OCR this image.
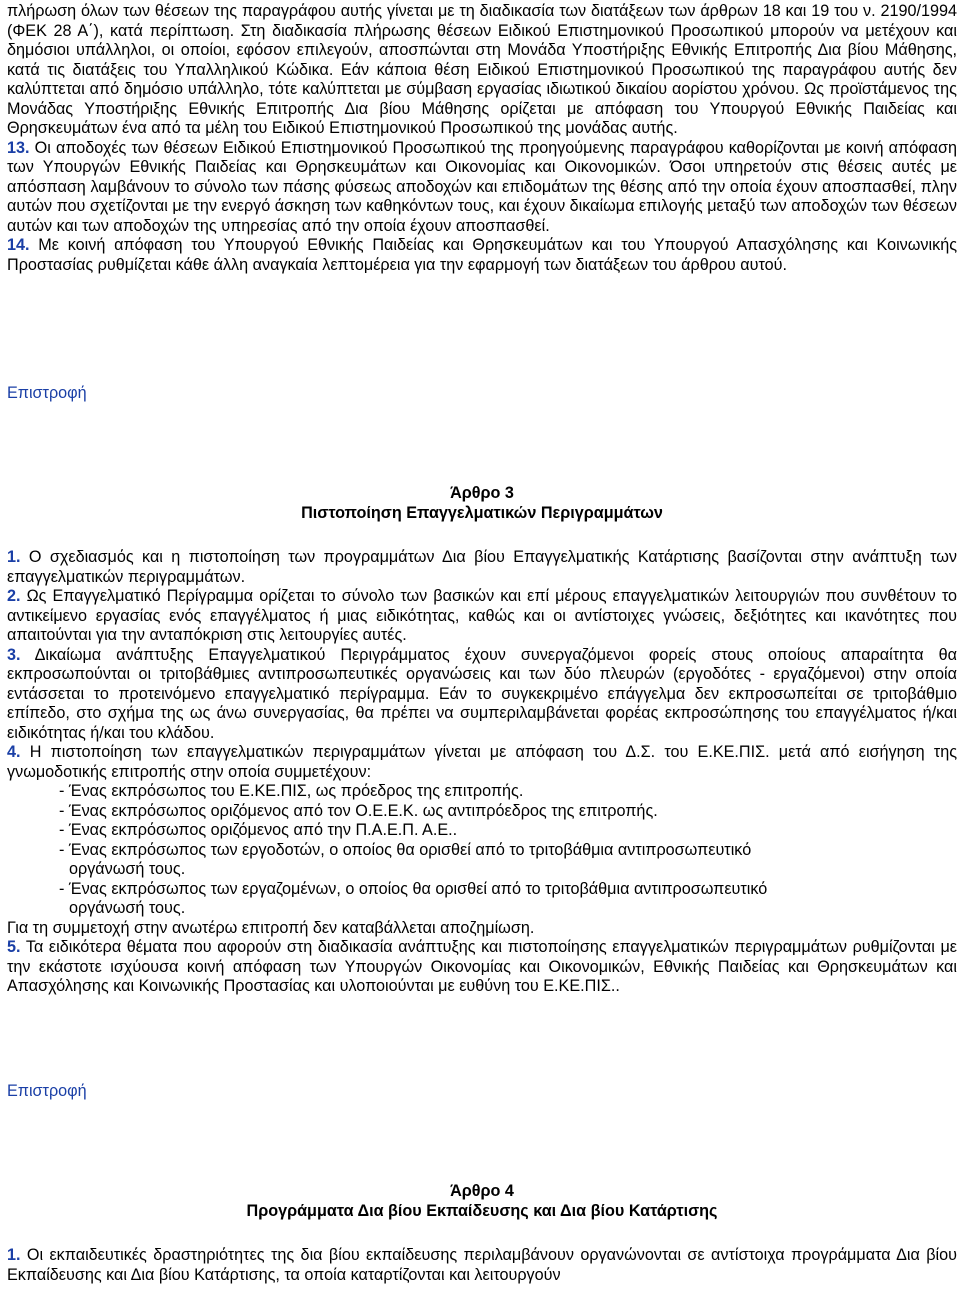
πλήρωση όλων των θέσεων της παραγράφου αυτής γίνεται με τη διαδικασία των διατάξεων των άρθρων 18 και 19 του ν. 2190/1994 (ΦΕΚ 28 Α΄), κατά περίπτωση. Στη διαδικασία πλήρωσης θέσεων Ειδικού Επιστημονικού Προσωπικού μπορούν να μετέχουν και δημόσιοι υπάλληλοι, οι οποίοι, εφόσον επιλεγούν, αποσπώνται στη Μονάδα Υποστήριξης Εθνικής Επιτροπής Δια βίου Μάθησης, κατά τις διατάξεις του Υπαλληλικού Κώδικα. Εάν κάποια θέση Ειδικού Επιστημονικού Προσωπικού της παραγράφου αυτής δεν καλύπτεται από δημόσιο υπάλληλο, τότε καλύπτεται με σύμβαση εργασίας ιδιωτικού δικαίου αορίστου χρόνου. Ως προϊστάμενος της Μονάδας Υποστήριξης Εθνικής Επιτροπής Δια βίου Μάθησης ορίζεται με απόφαση του Υπουργού Εθνικής Παιδείας και Θρησκευμάτων ένα από τα μέλη του Ειδικού Επιστημονικού Προσωπικού της μονάδας αυτής.

13. Οι αποδοχές των θέσεων Ειδικού Επιστημονικού Προσωπικού της προηγούμενης παραγράφου καθορίζονται με κοινή απόφαση των Υπουργών Εθνικής Παιδείας και Θρησκευμάτων και Οικονομίας και Οικονομικών. Όσοι υπηρετούν στις θέσεις αυτές με απόσπαση λαμβάνουν το σύνολο των πάσης φύσεως αποδοχών και επιδομάτων της θέσης από την οποία έχουν αποσπασθεί, πλην αυτών που σχετίζονται με την ενεργό άσκηση των καθηκόντων τους, και έχουν δικαίωμα επιλογής μεταξύ των αποδοχών των θέσεων αυτών και των αποδοχών της υπηρεσίας από την οποία έχουν αποσπασθεί.

14. Με κοινή απόφαση του Υπουργού Εθνικής Παιδείας και Θρησκευμάτων και του Υπουργού Απασχόλησης και Κοινωνικής Προστασίας ρυθμίζεται κάθε άλλη αναγκαία λεπτομέρεια για την εφαρμογή των διατάξεων του άρθρου αυτού.

Επιστροφή

Άρθρο 3

Πιστοποίηση Επαγγελματικών Περιγραμμάτων

1. Ο σχεδιασμός και η πιστοποίηση των προγραμμάτων Δια βίου Επαγγελματικής Κατάρτισης βασίζονται στην ανάπτυξη των επαγγελματικών περιγραμμάτων.

2. Ως Επαγγελματικό Περίγραμμα ορίζεται το σύνολο των βασικών και επί μέρους επαγγελματικών λειτουργιών που συνθέτουν το αντικείμενο εργασίας ενός επαγγέλματος ή μιας ειδικότητας, καθώς και οι αντίστοιχες γνώσεις, δεξιότητες και ικανότητες που απαιτούνται για την ανταπόκριση στις λειτουργίες αυτές.

3. Δικαίωμα ανάπτυξης Επαγγελματικού Περιγράμματος έχουν συνεργαζόμενοι φορείς στους οποίους απαραίτητα θα εκπροσωπούνται οι τριτοβάθμιες αντιπροσωπευτικές οργανώσεις και των δύο πλευρών (εργοδότες - εργαζόμενοι) στην οποία εντάσσεται το προτεινόμενο επαγγελματικό περίγραμμα. Εάν το συγκεκριμένο επάγγελμα δεν εκπροσωπείται σε τριτοβάθμιο επίπεδο, στο σχήμα της ως άνω συνεργασίας, θα πρέπει να συμπεριλαμβάνεται φορέας εκπροσώπησης του επαγγέλματος ή/και ειδικότητας ή/και του κλάδου.

4. Η πιστοποίηση των επαγγελματικών περιγραμμάτων γίνεται με απόφαση του Δ.Σ. του Ε.ΚΕ.ΠΙΣ. μετά από εισήγηση της γνωμοδοτικής επιτροπής στην οποία συμμετέχουν:

- Ένας εκπρόσωπος του Ε.ΚΕ.ΠΙΣ, ως πρόεδρος της επιτροπής.

- Ένας εκπρόσωπος οριζόμενος από τον Ο.Ε.Ε.Κ. ως αντιπρόεδρος της επιτροπής.

- Ένας εκπρόσωπος οριζόμενος από την Π.Α.Ε.Π. Α.Ε..

- Ένας εκπρόσωπος των εργοδοτών, ο οποίος θα ορισθεί από το τριτοβάθμια αντιπροσωπευτικό

οργάνωσή τους.

- Ένας εκπρόσωπος των εργαζομένων, ο οποίος θα ορισθεί από το τριτοβάθμια αντιπροσωπευτικό

οργάνωσή τους.

Για τη συμμετοχή στην ανωτέρω επιτροπή δεν καταβάλλεται αποζημίωση.

5. Τα ειδικότερα θέματα που αφορούν στη διαδικασία ανάπτυξης και πιστοποίησης επαγγελματικών περιγραμμάτων ρυθμίζονται με την εκάστοτε ισχύουσα κοινή απόφαση των Υπουργών Οικονομίας και Οικονομικών, Εθνικής Παιδείας και Θρησκευμάτων και Απασχόλησης και Κοινωνικής Προστασίας και υλοποιούνται με ευθύνη του Ε.ΚΕ.ΠΙΣ..

Επιστροφή

Άρθρο 4

Προγράμματα Δια βίου Εκπαίδευσης και Δια βίου Κατάρτισης

1. Οι εκπαιδευτικές δραστηριότητες της δια βίου εκπαίδευσης περιλαμβάνουν οργανώνονται σε αντίστοιχα προγράμματα Δια βίου Εκπαίδευσης και Δια βίου Κατάρτισης, τα οποία καταρτίζονται και λειτουργούν
